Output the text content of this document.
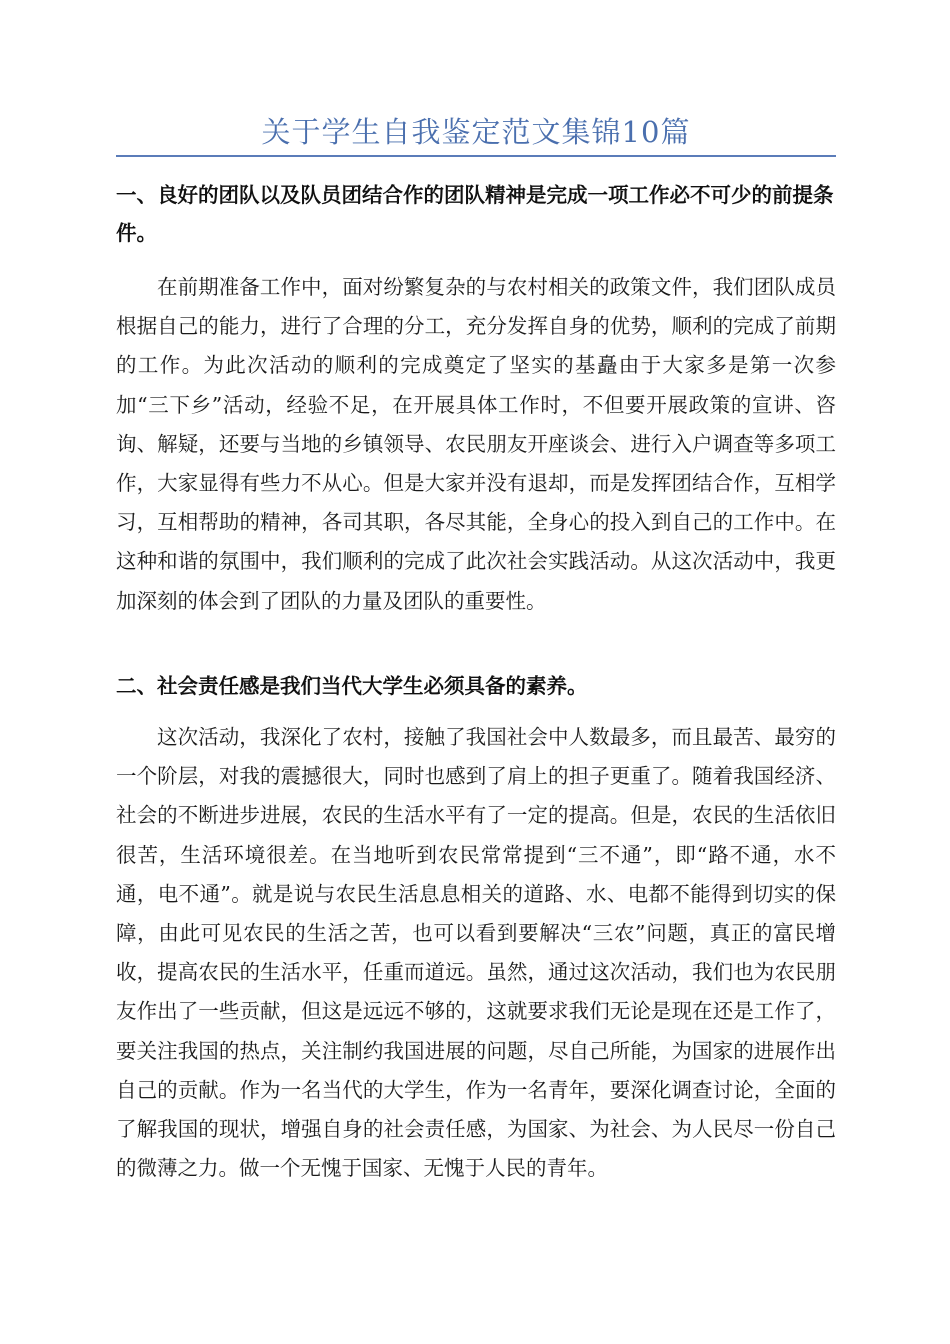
关于学生自我鉴定范文集锦10篇
一、良好的团队以及队员团结合作的团队精神是完成一项工作必不可少的前提条件。

在前期准备工作中，面对纷繁复杂的与农村相关的政策文件，我们团队成员根据自己的能力，进行了合理的分工，充分发挥自身的优势，顺利的完成了前期的工作。为此次活动的顺利的完成奠定了坚实的基矗由于大家多是第一次参加“三下乡”活动，经验不足，在开展具体工作时，不但要开展政策的宣讲、咨询、解疑，还要与当地的乡镇领导、农民朋友开座谈会、进行入户调查等多项工作，大家显得有些力不从心。但是大家并没有退却，而是发挥团结合作，互相学习，互相帮助的精神，各司其职，各尽其能，全身心的投入到自己的工作中。在这种和谐的氛围中，我们顺利的完成了此次社会实践活动。从这次活动中，我更加深刻的体会到了团队的力量及团队的重要性。

二、社会责任感是我们当代大学生必须具备的素养。

这次活动，我深化了农村，接触了我国社会中人数最多，而且最苦、最穷的一个阶层，对我的震撼很大，同时也感到了肩上的担子更重了。随着我国经济、社会的不断进步进展，农民的生活水平有了一定的提高。但是，农民的生活依旧很苦，生活环境很差。在当地听到农民常常提到“三不通”，即“路不通，水不通，电不通”。就是说与农民生活息息相关的道路、水、电都不能得到切实的保障，由此可见农民的生活之苦，也可以看到要解决“三农”问题，真正的富民增收，提高农民的生活水平，任重而道远。虽然，通过这次活动，我们也为农民朋友作出了一些贡献，但这是远远不够的，这就要求我们无论是现在还是工作了，要关注我国的热点，关注制约我国进展的问题，尽自己所能，为国家的进展作出自己的贡献。作为一名当代的大学生，作为一名青年，要深化调查讨论，全面的了解我国的现状，增强自身的社会责任感，为国家、为社会、为人民尽一份自己的微薄之力。做一个无愧于国家、无愧于人民的青年。
